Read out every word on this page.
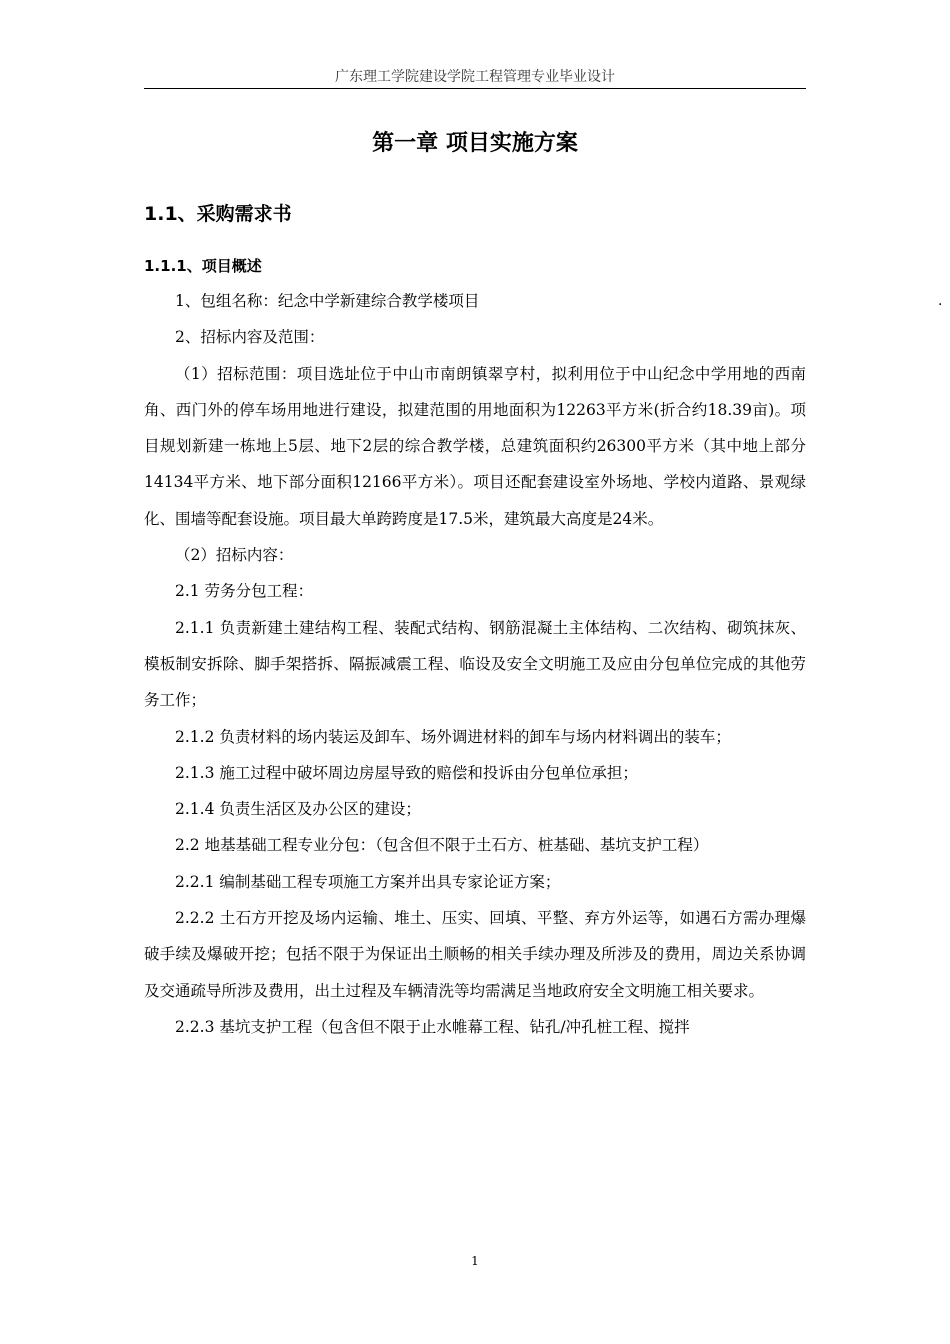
广东理工学院建设学院工程管理专业毕业设计
第一章 项目实施方案
1.1、采购需求书
1.1.1、项目概述

1、包组名称：纪念中学新建综合教学楼项目

2、招标内容及范围：

（1）招标范围：项目选址位于中山市南朗镇翠亨村，拟利用位于中山纪念中学用地的西南角、西门外的停车场用地进行建设，拟建范围的用地面积为12263平方米(折合约18.39亩)。项目规划新建一栋地上5层、地下2层的综合教学楼，总建筑面积约26300平方米（其中地上部分14134平方米、地下部分面积12166平方米）。项目还配套建设室外场地、学校内道路、景观绿化、围墙等配套设施。项目最大单跨跨度是17.5米，建筑最大高度是24米。

（2）招标内容：

2.1 劳务分包工程：

2.1.1 负责新建土建结构工程、装配式结构、钢筋混凝土主体结构、二次结构、砌筑抹灰、模板制安拆除、脚手架搭拆、隔振减震工程、临设及安全文明施工及应由分包单位完成的其他劳务工作；

2.1.2 负责材料的场内装运及卸车、场外调进材料的卸车与场内材料调出的装车；

2.1.3 施工过程中破坏周边房屋导致的赔偿和投诉由分包单位承担；

2.1.4 负责生活区及办公区的建设；

2.2 地基基础工程专业分包：（包含但不限于土石方、桩基础、基坑支护工程）

2.2.1 编制基础工程专项施工方案并出具专家论证方案；

2.2.2 土石方开挖及场内运输、堆土、压实、回填、平整、弃方外运等，如遇石方需办理爆破手续及爆破开挖；包括不限于为保证出土顺畅的相关手续办理及所涉及的费用，周边关系协调及交通疏导所涉及费用，出土过程及车辆清洗等均需满足当地政府安全文明施工相关要求。

2.2.3 基坑支护工程（包含但不限于止水帷幕工程、钻孔/冲孔桩工程、搅拌

1
·
